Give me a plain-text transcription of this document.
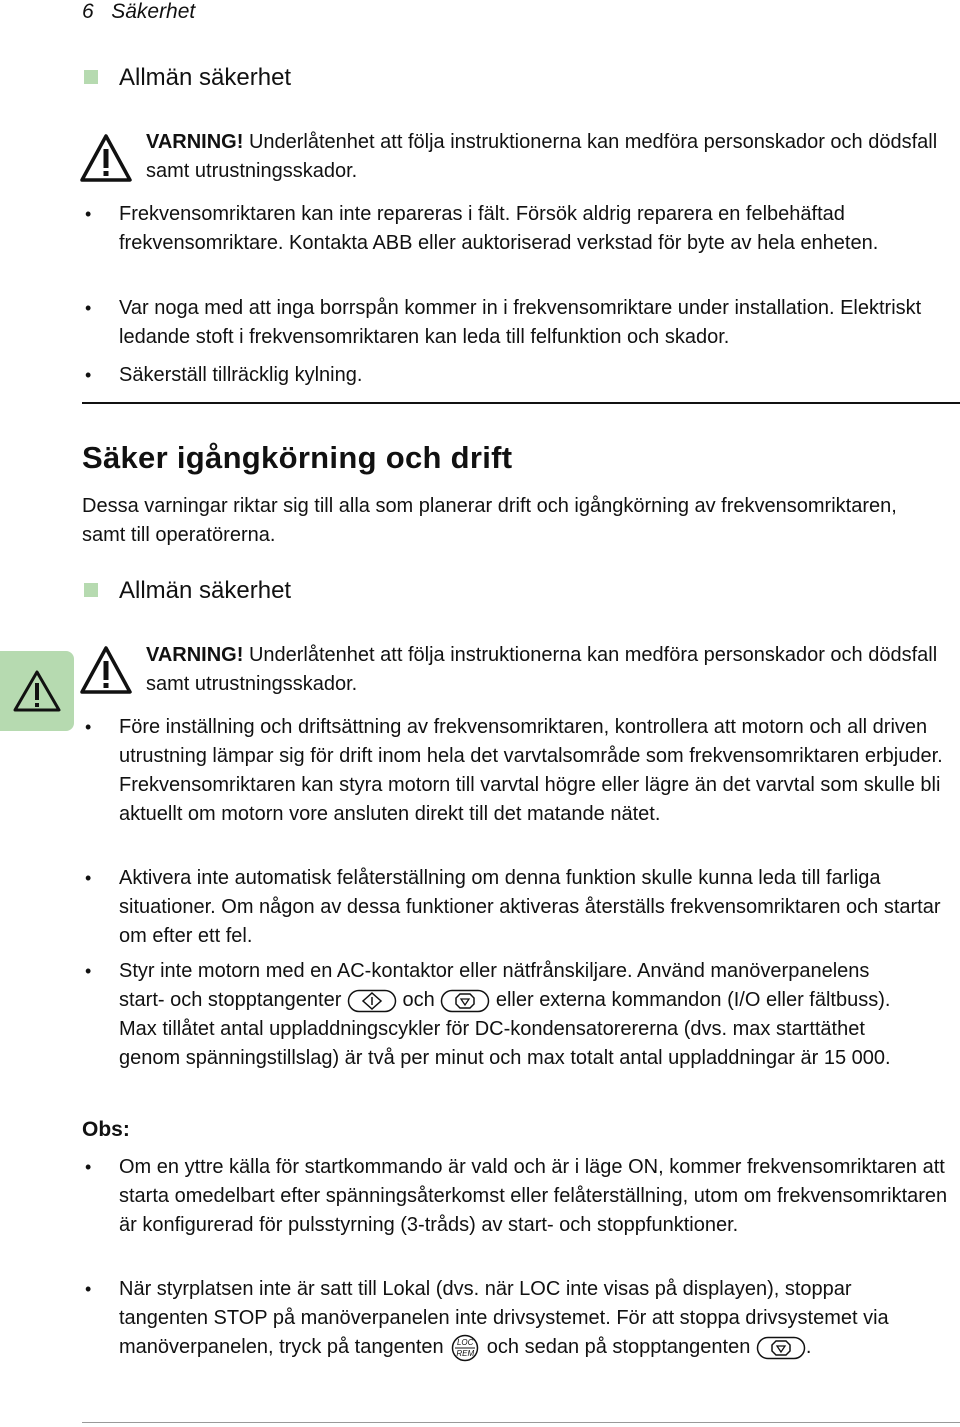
6 Säkerhet
Allmän säkerhet
VARNING! Underlåtenhet att följa instruktionerna kan medföra personskador och dödsfall samt utrustningsskador.
• Frekvensomriktaren kan inte repareras i fält. Försök aldrig reparera en felbehäftad frekvensomriktare. Kontakta ABB eller auktoriserad verkstad för byte av hela enheten.
• Var noga med att inga borrspån kommer in i frekvensomriktare under installation. Elektriskt ledande stoft i frekvensomriktaren kan leda till felfunktion och skador.
• Säkerställ tillräcklig kylning.
Säker igångkörning och drift
Dessa varningar riktar sig till alla som planerar drift och igångkörning av frekvensomriktaren, samt till operatörerna.
Allmän säkerhet
VARNING! Underlåtenhet att följa instruktionerna kan medföra personskador och dödsfall samt utrustningsskador.
• Före inställning och driftsättning av frekvensomriktaren, kontrollera att motorn och all driven utrustning lämpar sig för drift inom hela det varvtalsområde som frekvensomriktaren erbjuder. Frekvensomriktaren kan styra motorn till varvtal högre eller lägre än det varvtal som skulle bli aktuellt om motorn vore ansluten direkt till det matande nätet.
• Aktivera inte automatisk felåterställning om denna funktion skulle kunna leda till farliga situationer. Om någon av dessa funktioner aktiveras återställs frekvensomriktaren och startar om efter ett fel.
• Styr inte motorn med en AC-kontaktor eller nätfrånskiljare. Använd manöverpanelens start- och stopptangenter	och	eller externa kommandon (I/O eller fältbuss). Max tillåtet antal uppladdningscykler för DC-kondensatorererna (dvs. max starttäthet genom spänningstillslag) är två per minut och max totalt antal uppladdningar är 15 000.
Obs:
• Om en yttre källa för startkommando är vald och är i läge ON, kommer frekvensomriktaren att starta omedelbart efter spänningsåterkomst eller felåterställning, utom om frekvensomriktaren är konfigurerad för pulsstyrning (3-tråds) av start- och stoppfunktioner.
• När styrplatsen inte är satt till Lokal (dvs. när LOC inte visas på displayen), stoppar tangenten STOP på manöverpanelen inte drivsystemet. För att stoppa drivsystemet via manöverpanelen, tryck på tangenten LOC
REM och sedan på stopptangenten	.
